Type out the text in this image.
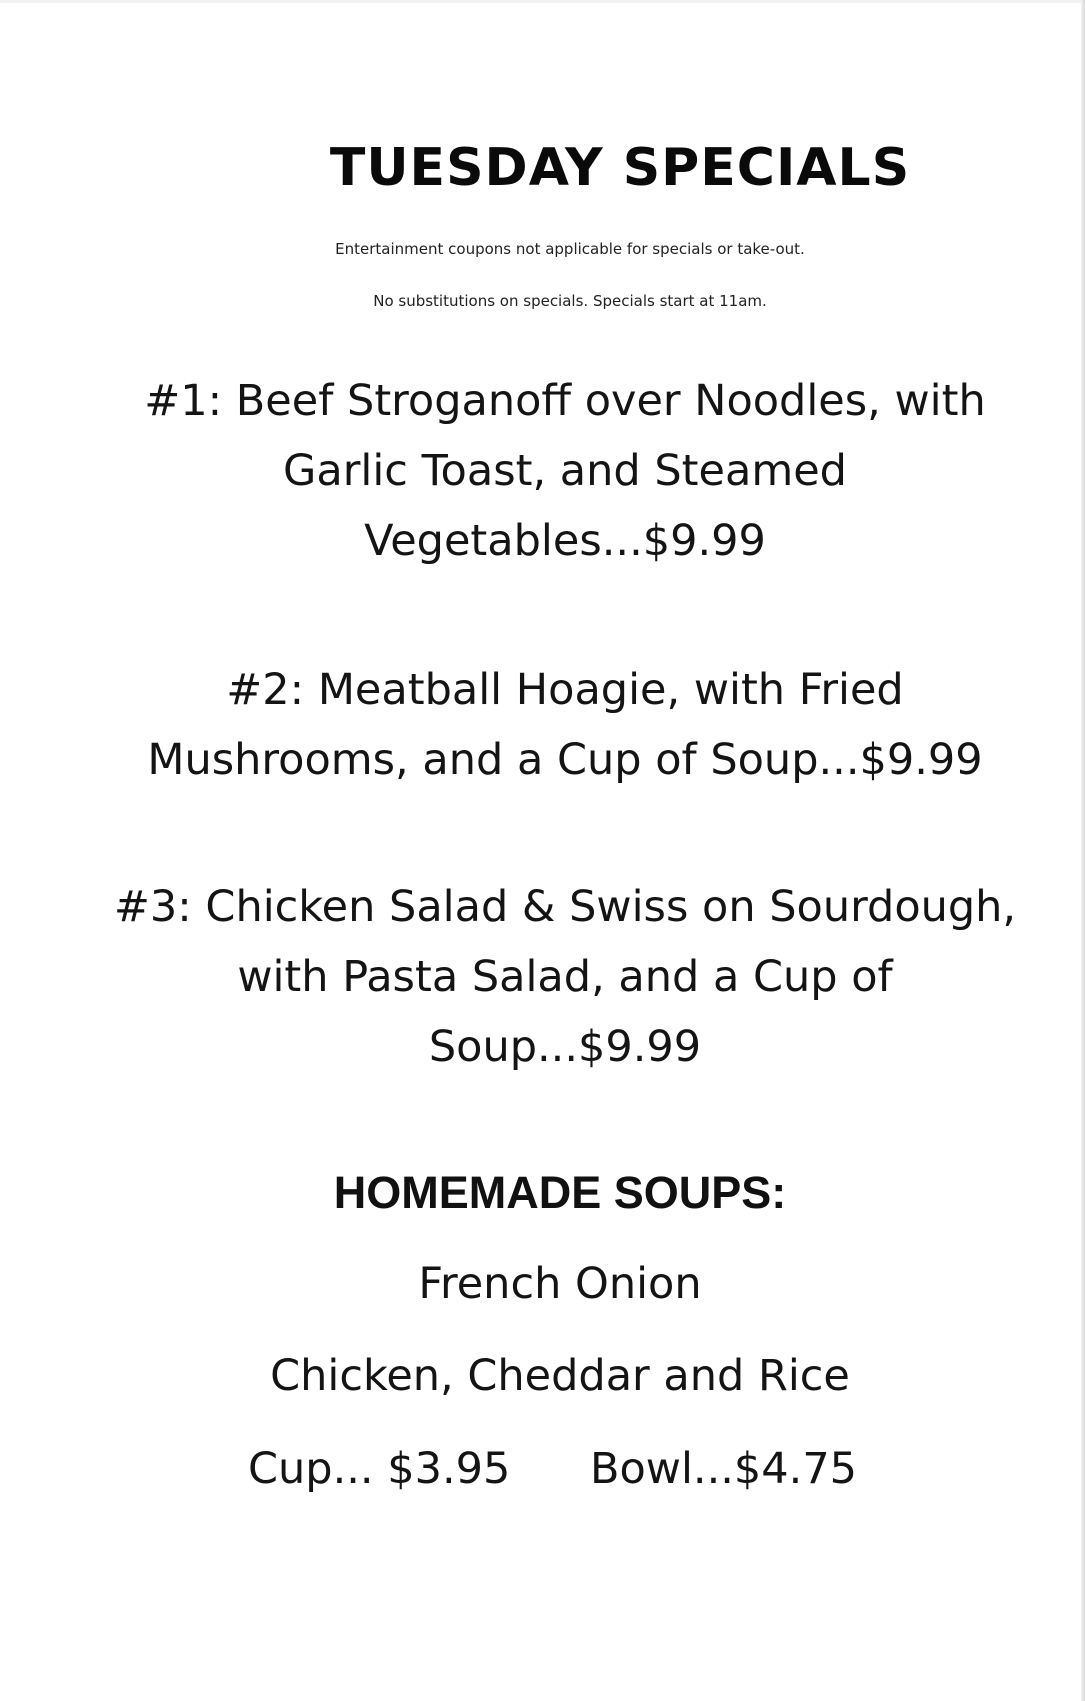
TUESDAY SPECIALS
Entertainment coupons not applicable for specials or take-out.
No substitutions on specials. Specials start at 11am.
#1: Beef Stroganoff over Noodles, with
Garlic Toast, and Steamed
Vegetables...$9.99
#2: Meatball Hoagie, with Fried
Mushrooms, and a Cup of Soup...$9.99
#3: Chicken Salad & Swiss on Sourdough,
with Pasta Salad, and a Cup of
Soup...$9.99
HOMEMADE SOUPS:
French Onion
Chicken, Cheddar and Rice
Cup... $3.95 Bowl...$4.75
